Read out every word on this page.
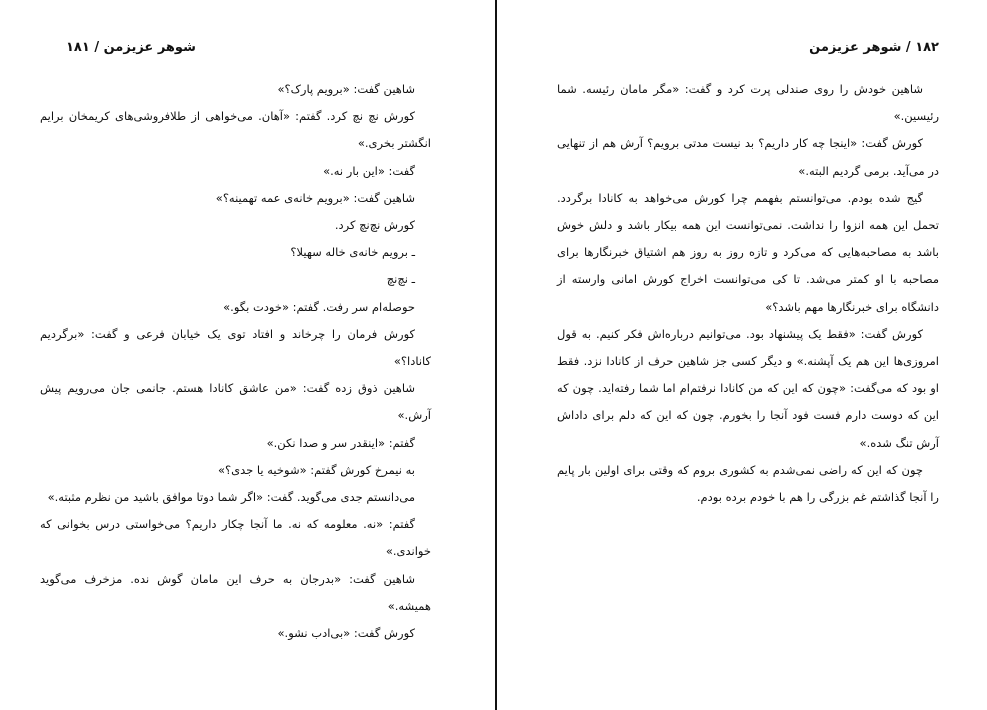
شوهر عزیزمن / ۱۸۱

شاهین گفت: «برویم پارک؟»

کورش نچ نچ کرد. گفتم: «آهان. می‌خواهی از طلافروشی‌های کریمخان برایم انگشتر بخری.»

گفت: «این بار نه.»

شاهین گفت: «برویم خانه‌ی عمه تهمینه؟»

کورش نچ‌نچ کرد.

ـ برویم خانه‌ی خاله سهیلا؟

ـ نچ‌نچ

حوصله‌ام سر رفت. گفتم: «خودت بگو.»

کورش فرمان را چرخاند و افتاد توی یک خیابان فرعی و گفت: «برگردیم کانادا؟»

شاهین ذوق زده گفت: «من عاشق کانادا هستم. جانمی جان می‌رویم پیش آرش.»

گفتم: «اینقدر سر و صدا نکن.»

به نیمرخ کورش گفتم: «شوخیه یا جدی؟»

می‌دانستم جدی می‌گوید. گفت: «اگر شما دوتا موافق باشید من نظرم مثبته.»

گفتم: «نه. معلومه که نه. ما آنجا چکار داریم؟ می‌خواستی درس بخوانی که خواندی.»

شاهین گفت: «بدرجان به حرف این مامان گوش نده. مزخرف می‌گوید همیشه.»

کورش گفت: «بی‌ادب نشو.»

۱۸۲ / شوهر عزیزمن

شاهین خودش را روی صندلی پرت کرد و گفت: «مگر مامان رئیسه. شما رئیسین.»

کورش گفت: «اینجا چه کار داریم؟ بد نیست مدتی برویم؟ آرش هم از تنهایی در می‌آید. برمی گردیم البته.»

گیج شده بودم. می‌توانستم بفهمم چرا کورش می‌خواهد به کانادا برگردد. تحمل این همه انزوا را نداشت. نمی‌توانست این همه بیکار باشد و دلش خوش باشد به مصاحبه‌هایی که می‌کرد و تازه روز به روز هم اشتیاق خبرنگارها برای مصاحبه با او کمتر می‌شد. تا کی می‌توانست اخراج کورش امانی وارسته از دانشگاه برای خبرنگارها مهم باشد؟»

کورش گفت: «فقط یک پیشنهاد بود. می‌توانیم درباره‌اش فکر کنیم. به قول امروزی‌ها این هم یک آپشنه.» و دیگر کسی جز شاهین حرف از کانادا نزد. فقط او بود که می‌گفت: «چون که این که من کانادا نرفتم‌ام اما شما رفته‌اید. چون که این که دوست دارم فست فود آنجا را بخورم. چون که این که دلم برای داداش آرش تنگ شده.»

چون که این که راضی نمی‌شدم به کشوری بروم که وقتی برای اولین بار پایم را آنجا گذاشتم غم بزرگی را هم با خودم برده بودم.
